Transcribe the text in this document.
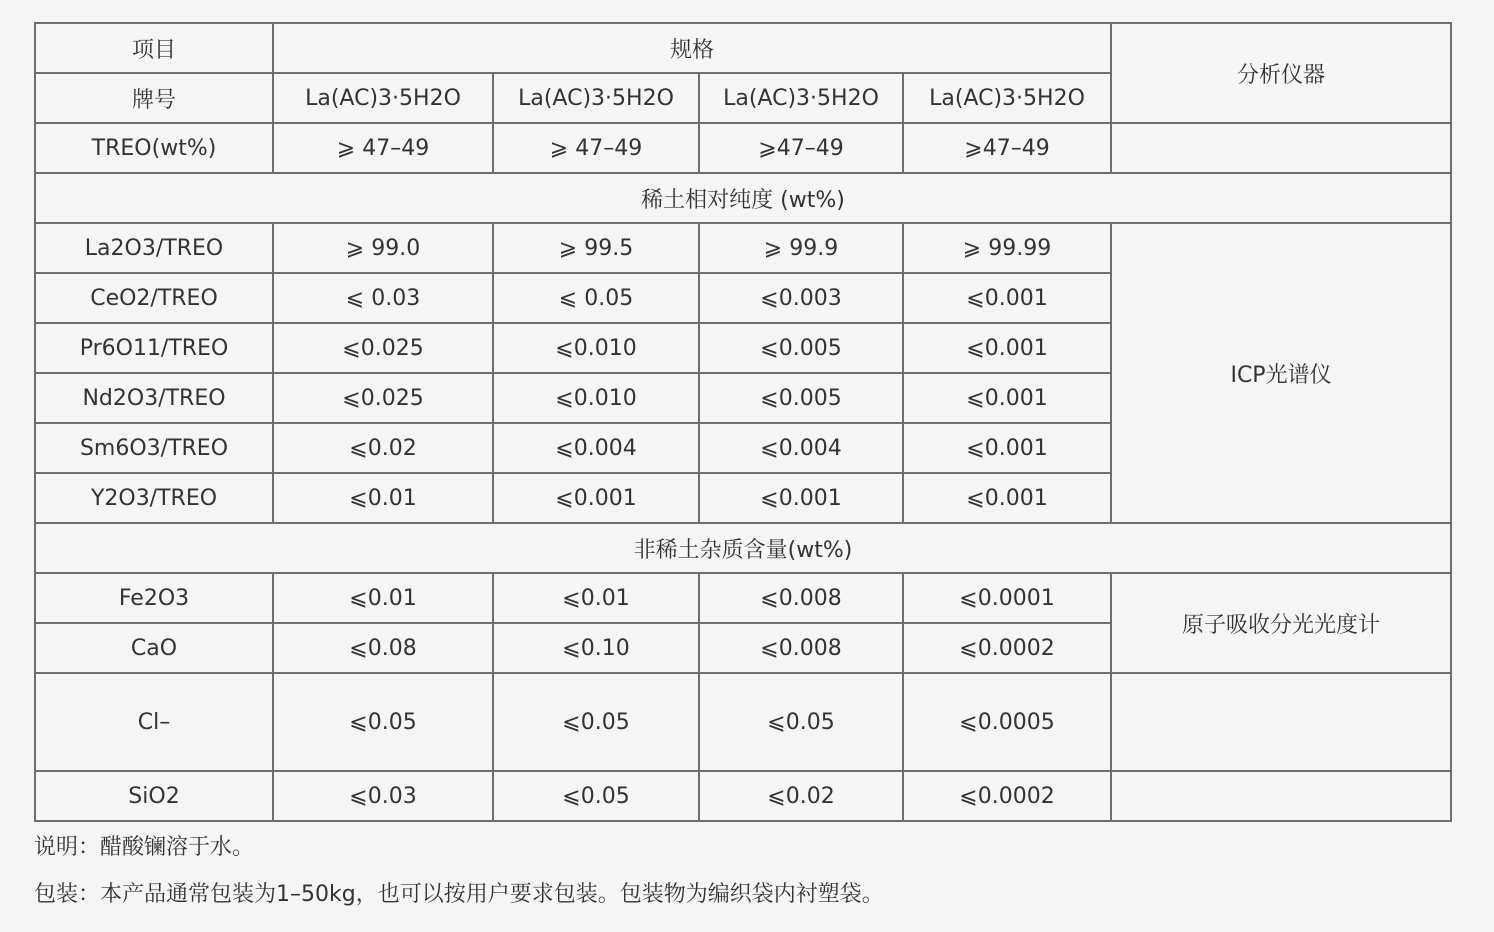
项目	规格				分析仪器
牌号	La(AC)3·5H2O	La(AC)3·5H2O	La(AC)3·5H2O	La(AC)3·5H2O	
TREO(wt%)	⩾ 47–49	⩾ 47–49	⩾47–49	⩾47–49	
稀土相对纯度 (wt%)					
La2O3/TREO	⩾ 99.0	⩾ 99.5	⩾ 99.9	⩾ 99.99	ICP光谱仪
CeO2/TREO	⩽ 0.03	⩽ 0.05	⩽0.003	⩽0.001	
Pr6O11/TREO	⩽0.025	⩽0.010	⩽0.005	⩽0.001	
Nd2O3/TREO	⩽0.025	⩽0.010	⩽0.005	⩽0.001	
Sm6O3/TREO	⩽0.02	⩽0.004	⩽0.004	⩽0.001	
Y2O3/TREO	⩽0.01	⩽0.001	⩽0.001	⩽0.001	
非稀土杂质含量(wt%)					
Fe2O3	⩽0.01	⩽0.01	⩽0.008	⩽0.0001	原子吸收分光光度计
CaO	⩽0.08	⩽0.10	⩽0.008	⩽0.0002	
Cl–	⩽0.05	⩽0.05	⩽0.05	⩽0.0005	
SiO2	⩽0.03	⩽0.05	⩽0.02	⩽0.0002	
说明：醋酸镧溶于水。
包装：本产品通常包装为1–50kg，也可以按用户要求包装。包装物为编织袋内衬塑袋。
